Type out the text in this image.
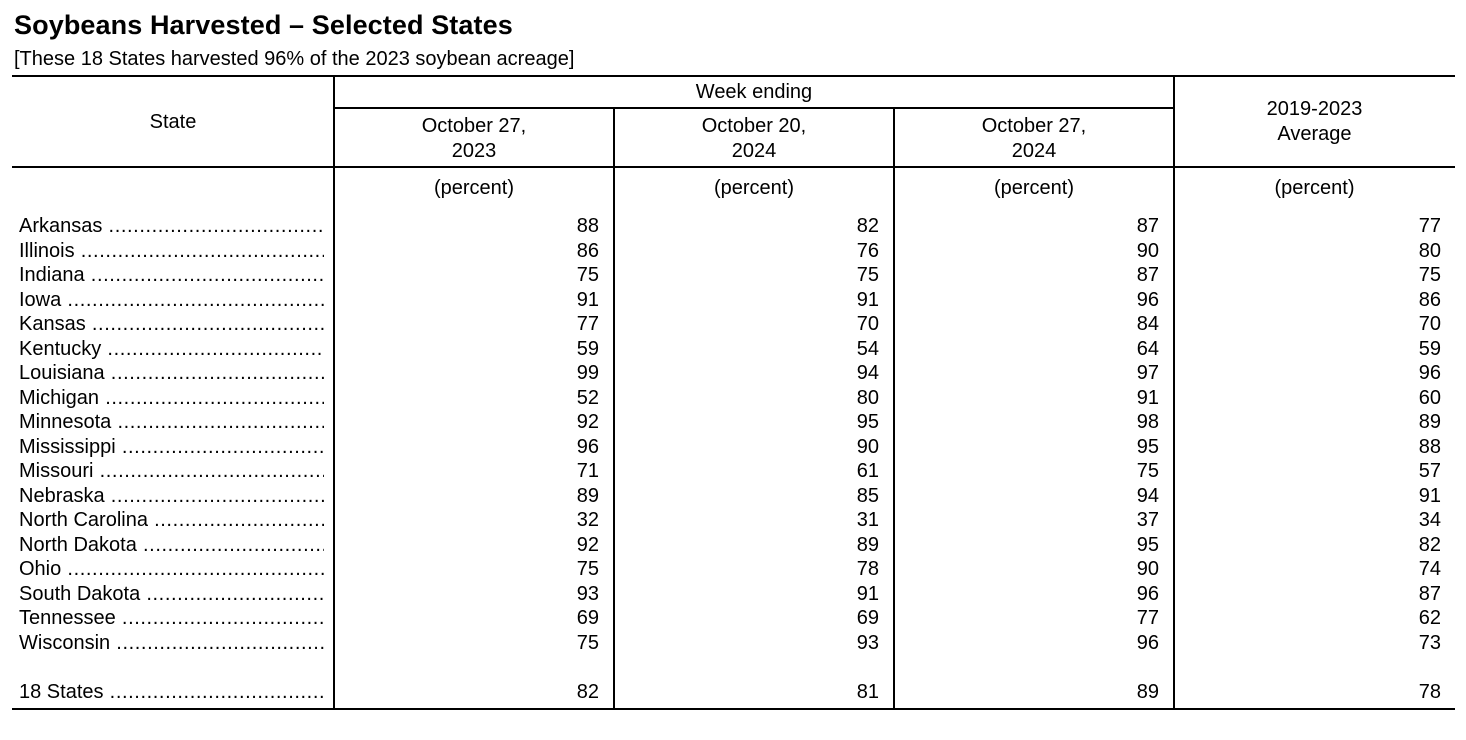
Soybeans Harvested – Selected States
[These 18 States harvested 96% of the 2023 soybean acreage]
State
Week ending
October 27,
2023
October 20,
2024
October 27,
2024
2019-2023
Average
(percent)	(percent)	(percent)	(percent)
Arkansas .....	88	82	87	77
Illinois .....	86	76	90	80
Indiana .....	75	75	87	75
Iowa .....	91	91	96	86
Kansas .....	77	70	84	70
Kentucky .....	59	54	64	59
Louisiana .....	99	94	97	96
Michigan .....	52	80	91	60
Minnesota .....	92	95	98	89
Mississippi .....	96	90	95	88
Missouri .....	71	61	75	57
Nebraska .....	89	85	94	91
North Carolina .....	32	31	37	34
North Dakota .....	92	89	95	82
Ohio .....	75	78	90	74
South Dakota .....	93	91	96	87
Tennessee .....	69	69	77	62
Wisconsin .....	75	93	96	73
18 States .....	82	81	89	78
